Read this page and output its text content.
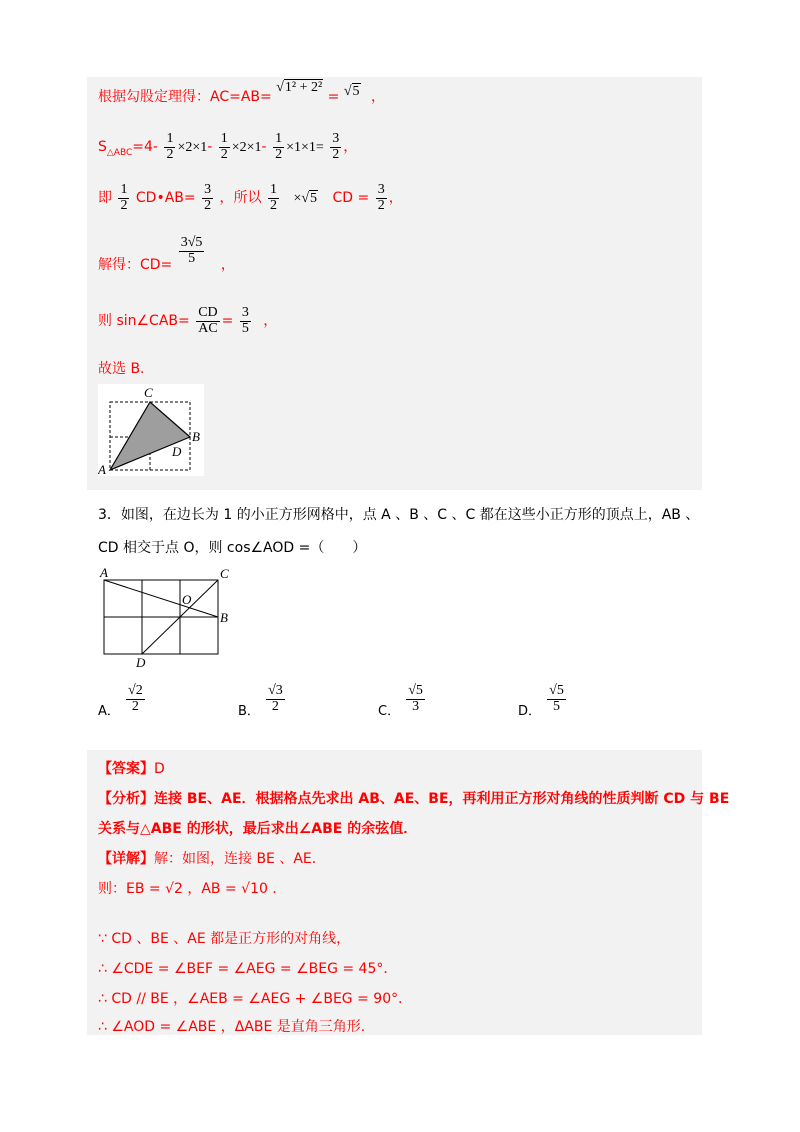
根据勾股定理得：AC=AB= √1² + 2² = √5 ，
$S_{\triangle ABC}=4- \frac{1}{2} \times 2\times 1- \frac{1}{2} \times 2\times 1- \frac{1}{2} \times 1\times 1= \frac{3}{2}$ ，
即 $\frac{1}{2}$ CD•AB= $\frac{3}{2}$ ，所以 $\frac{1}{2} \times√5$ CD = $\frac{3}{2}$ ，
解得：$CD= \frac{3√5}{5}$ ，
则 sin∠CAB= $\frac{CD}{AC} = \frac{3}{5}$ ，
故选 B.
C
B
D
A
3．如图，在边长为 1 的小正方形网格中，点 A 、B 、C 、C 都在这些小正方形的顶点上，AB 、
CD 相交于点 O，则 cos∠AOD =（　　）
A	C
O
B
D
A． $\frac{√2}{2}$	B． $\frac{√3}{2}$	C． $\frac{√5}{3}$	D． $\frac{√5}{5}$
【答案】D
【分析】连接 BE、AE．根据格点先求出 AB、AE、BE，再利用正方形对角线的性质判断 CD 与 BE
关系与△ABE 的形状，最后求出∠ABE 的余弦值．
【详解】解：如图，连接 BE 、AE．
则：EB = √2 ，AB = √10 ．
∵ CD 、BE 、AE 都是正方形的对角线，
∴ ∠CDE = ∠BEF = ∠AEG = ∠BEG = 45°．
∴ CD // BE ，∠AEB = ∠AEG + ∠BEG = 90°．
∴ ∠AOD = ∠ABE ，ΔABE 是直角三角形．
